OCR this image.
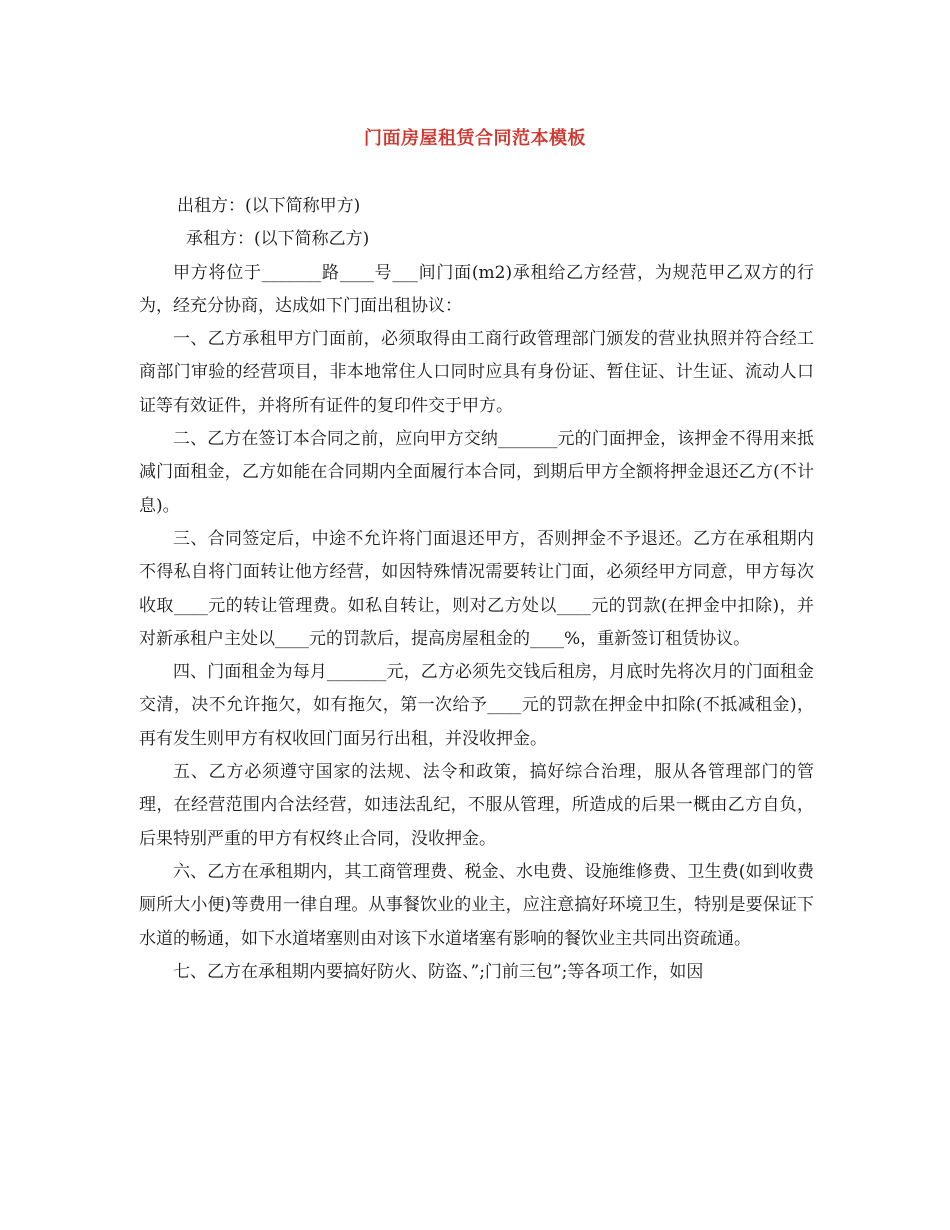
门面房屋租赁合同范本模板

出租方：(以下简称甲方)

承租方：(以下简称乙方)

甲方将位于_______路____号___间门面(m2)承租给乙方经营，为规范甲乙双方的行为，经充分协商，达成如下门面出租协议：

一、乙方承租甲方门面前，必须取得由工商行政管理部门颁发的营业执照并符合经工商部门审验的经营项目，非本地常住人口同时应具有身份证、暂住证、计生证、流动人口证等有效证件，并将所有证件的复印件交于甲方。

二、乙方在签订本合同之前，应向甲方交纳_______元的门面押金，该押金不得用来抵减门面租金，乙方如能在合同期内全面履行本合同，到期后甲方全额将押金退还乙方(不计息)。

三、合同签定后，中途不允许将门面退还甲方，否则押金不予退还。乙方在承租期内不得私自将门面转让他方经营，如因特殊情况需要转让门面，必须经甲方同意，甲方每次收取____元的转让管理费。如私自转让，则对乙方处以____元的罚款(在押金中扣除)，并对新承租户主处以____元的罚款后，提高房屋租金的____%，重新签订租赁协议。

四、门面租金为每月_______元，乙方必须先交钱后租房，月底时先将次月的门面租金交清，决不允许拖欠，如有拖欠，第一次给予____元的罚款在押金中扣除(不抵减租金)，再有发生则甲方有权收回门面另行出租，并没收押金。

五、乙方必须遵守国家的法规、法令和政策，搞好综合治理，服从各管理部门的管理，在经营范围内合法经营，如违法乱纪，不服从管理，所造成的后果一概由乙方自负，后果特别严重的甲方有权终止合同，没收押金。

六、乙方在承租期内，其工商管理费、税金、水电费、设施维修费、卫生费(如到收费厕所大小便)等费用一律自理。从事餐饮业的业主，应注意搞好环境卫生，特别是要保证下水道的畅通，如下水道堵塞则由对该下水道堵塞有影响的餐饮业主共同出资疏通。

七、乙方在承租期内要搞好防火、防盗、”;门前三包”;等各项工作，如因
